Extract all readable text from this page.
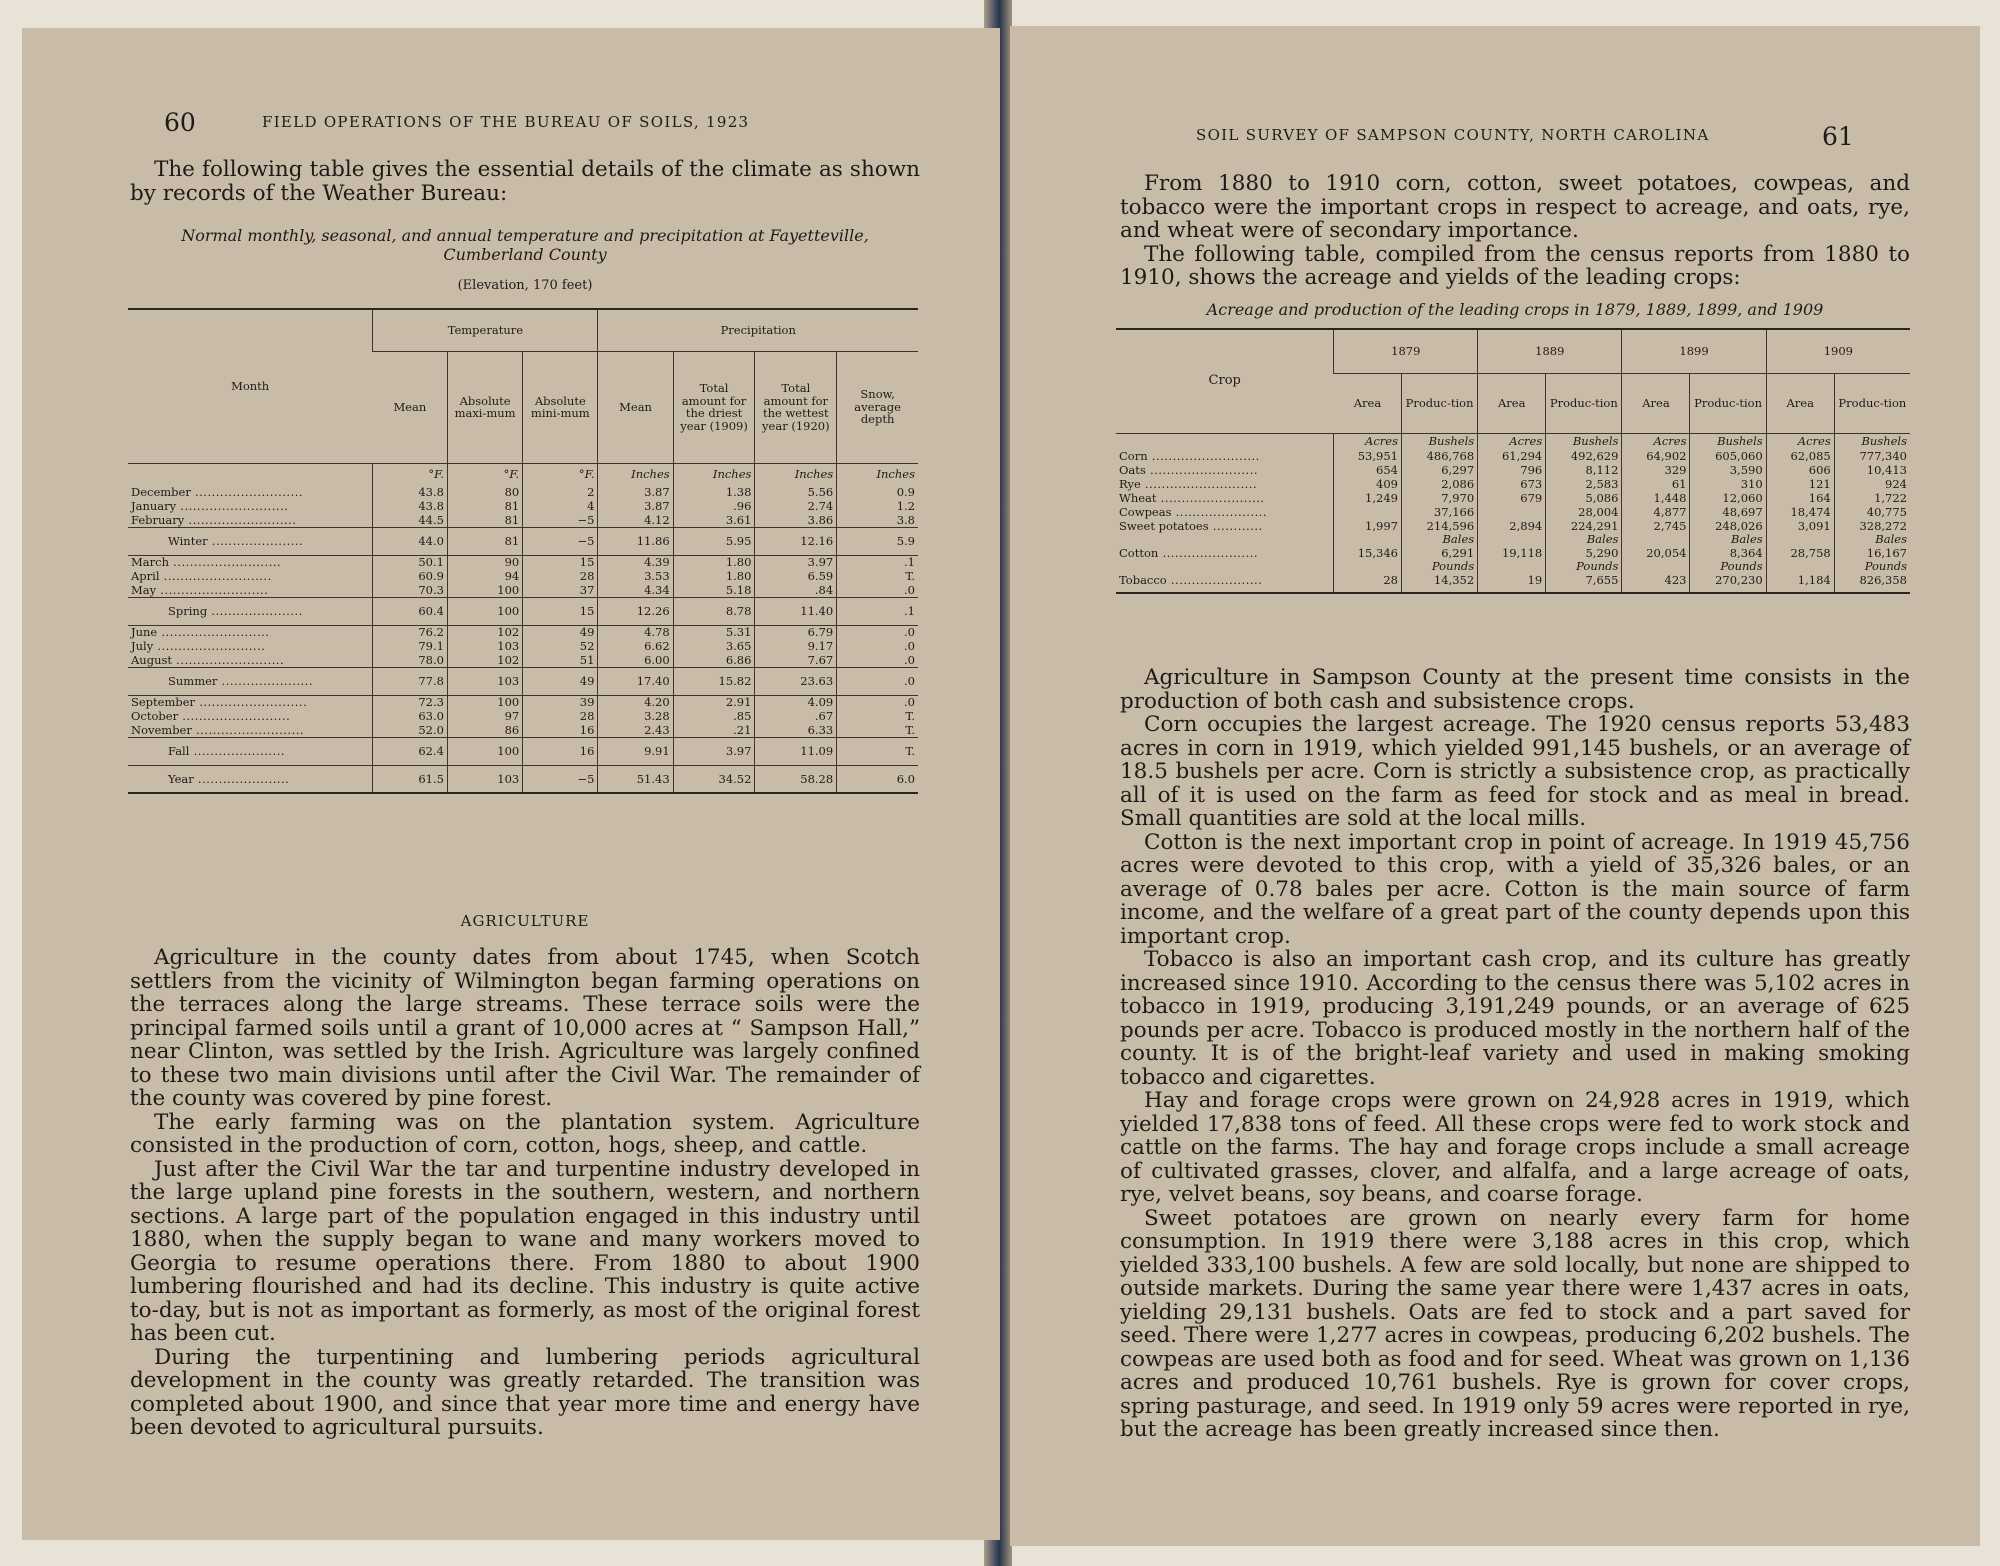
60	FIELD OPERATIONS OF THE BUREAU OF SOILS, 1923

The following table gives the essential details of the climate as shown by records of the Weather Bureau:

Normal monthly, seasonal, and annual temperature and precipitation at Fayetteville, Cumberland County
(Elevation, 170 feet)
Month	Temperature			Precipitation			
	Mean	Absolute maxi-mum	Absolute mini-mum	Mean	Total amount for the driest year (1909)	Total amount for the wettest year (1920)	Snow, average depth
	°F.	°F.	°F.	Inches	Inches	Inches	Inches
December ..........................	43.8	80	2	3.87	1.38	5.56	0.9
January ..........................	43.8	81	4	3.87	.96	2.74	1.2
February ..........................	44.5	81	−5	4.12	3.61	3.86	3.8
Winter ......................	44.0	81	−5	11.86	5.95	12.16	5.9
March ..........................	50.1	90	15	4.39	1.80	3.97	.1
April ..........................	60.9	94	28	3.53	1.80	6.59	T.
May ..........................	70.3	100	37	4.34	5.18	.84	.0
Spring ......................	60.4	100	15	12.26	8.78	11.40	.1
June ..........................	76.2	102	49	4.78	5.31	6.79	.0
July ..........................	79.1	103	52	6.62	3.65	9.17	.0
August ..........................	78.0	102	51	6.00	6.86	7.67	.0
Summer ......................	77.8	103	49	17.40	15.82	23.63	.0
September ..........................	72.3	100	39	4.20	2.91	4.09	.0
October ..........................	63.0	97	28	3.28	.85	.67	T.
November ..........................	52.0	86	16	2.43	.21	6.33	T.
Fall ......................	62.4	100	16	9.91	3.97	11.09	T.
Year ......................	61.5	103	−5	51.43	34.52	58.28	6.0
AGRICULTURE

Agriculture in the county dates from about 1745, when Scotch settlers from the vicinity of Wilmington began farming operations on the terraces along the large streams. These terrace soils were the principal farmed soils until a grant of 10,000 acres at “ Sampson Hall,” near Clinton, was settled by the Irish. Agriculture was largely confined to these two main divisions until after the Civil War. The remainder of the county was covered by pine forest.

The early farming was on the plantation system. Agriculture consisted in the production of corn, cotton, hogs, sheep, and cattle.

Just after the Civil War the tar and turpentine industry developed in the large upland pine forests in the southern, western, and northern sections. A large part of the population engaged in this industry until 1880, when the supply began to wane and many workers moved to Georgia to resume operations there. From 1880 to about 1900 lumbering flourished and had its decline. This industry is quite active to-day, but is not as important as formerly, as most of the original forest has been cut.

During the turpentining and lumbering periods agricultural development in the county was greatly retarded. The transition was completed about 1900, and since that year more time and energy have been devoted to agricultural pursuits.

SOIL SURVEY OF SAMPSON COUNTY, NORTH CAROLINA	61

From 1880 to 1910 corn, cotton, sweet potatoes, cowpeas, and tobacco were the important crops in respect to acreage, and oats, rye, and wheat were of secondary importance.

The following table, compiled from the census reports from 1880 to 1910, shows the acreage and yields of the leading crops:

Acreage and production of the leading crops in 1879, 1889, 1899, and 1909
Crop	1879		1889		1899		1909	
	Area	Produc-tion	Area	Produc-tion	Area	Produc-tion	Area	Produc-tion
	Acres	Bushels	Acres	Bushels	Acres	Bushels	Acres	Bushels
Corn ..........................	53,951	486,768	61,294	492,629	64,902	605,060	62,085	777,340
Oats ..........................	654	6,297	796	8,112	329	3,590	606	10,413
Rye ...........................	409	2,086	673	2,583	61	310	121	924
Wheat .........................	1,249	7,970	679	5,086	1,448	12,060	164	1,722
Cowpeas ......................		37,166		28,004	4,877	48,697	18,474	40,775
Sweet potatoes ............	1,997	214,596	2,894	224,291	2,745	248,026	3,091	328,272
		Bales		Bales		Bales		Bales
Cotton .......................	15,346	6,291	19,118	5,290	20,054	8,364	28,758	16,167
		Pounds		Pounds		Pounds		Pounds
Tobacco ......................	28	14,352	19	7,655	423	270,230	1,184	826,358

Agriculture in Sampson County at the present time consists in the production of both cash and subsistence crops.

Corn occupies the largest acreage. The 1920 census reports 53,483 acres in corn in 1919, which yielded 991,145 bushels, or an average of 18.5 bushels per acre. Corn is strictly a subsistence crop, as practically all of it is used on the farm as feed for stock and as meal in bread. Small quantities are sold at the local mills.

Cotton is the next important crop in point of acreage. In 1919 45,756 acres were devoted to this crop, with a yield of 35,326 bales, or an average of 0.78 bales per acre. Cotton is the main source of farm income, and the welfare of a great part of the county depends upon this important crop.

Tobacco is also an important cash crop, and its culture has greatly increased since 1910. According to the census there was 5,102 acres in tobacco in 1919, producing 3,191,249 pounds, or an average of 625 pounds per acre. Tobacco is produced mostly in the northern half of the county. It is of the bright-leaf variety and used in making smoking tobacco and cigarettes.

Hay and forage crops were grown on 24,928 acres in 1919, which yielded 17,838 tons of feed. All these crops were fed to work stock and cattle on the farms. The hay and forage crops include a small acreage of cultivated grasses, clover, and alfalfa, and a large acreage of oats, rye, velvet beans, soy beans, and coarse forage.

Sweet potatoes are grown on nearly every farm for home consumption. In 1919 there were 3,188 acres in this crop, which yielded 333,100 bushels. A few are sold locally, but none are shipped to outside markets. During the same year there were 1,437 acres in oats, yielding 29,131 bushels. Oats are fed to stock and a part saved for seed. There were 1,277 acres in cowpeas, producing 6,202 bushels. The cowpeas are used both as food and for seed. Wheat was grown on 1,136 acres and produced 10,761 bushels. Rye is grown for cover crops, spring pasturage, and seed. In 1919 only 59 acres were reported in rye, but the acreage has been greatly increased since then.
